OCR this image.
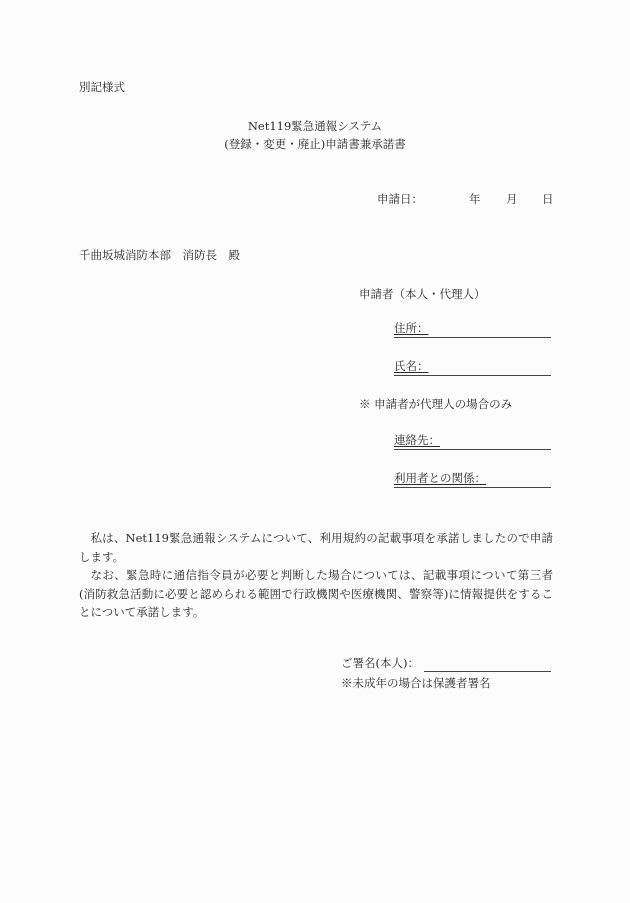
別記様式
Net119緊急通報システム
(登録・変更・廃止)申請書兼承諾書
申請日：	年 月 日
千曲坂城消防本部　消防長　殿
申請者（本人・代理人）
住所：
氏名：
※ 申請者が代理人の場合のみ
連絡先：
利用者との関係：

私は、Net119緊急通報システムについて、利用規約の記載事項を承諾しましたので申請します。

なお、緊急時に通信指令員が必要と判断した場合については、記載事項について第三者(消防救急活動に必要と認められる範囲で行政機関や医療機関、警察等)に情報提供をすることについて承諾します。

ご署名(本人)：
※未成年の場合は保護者署名
